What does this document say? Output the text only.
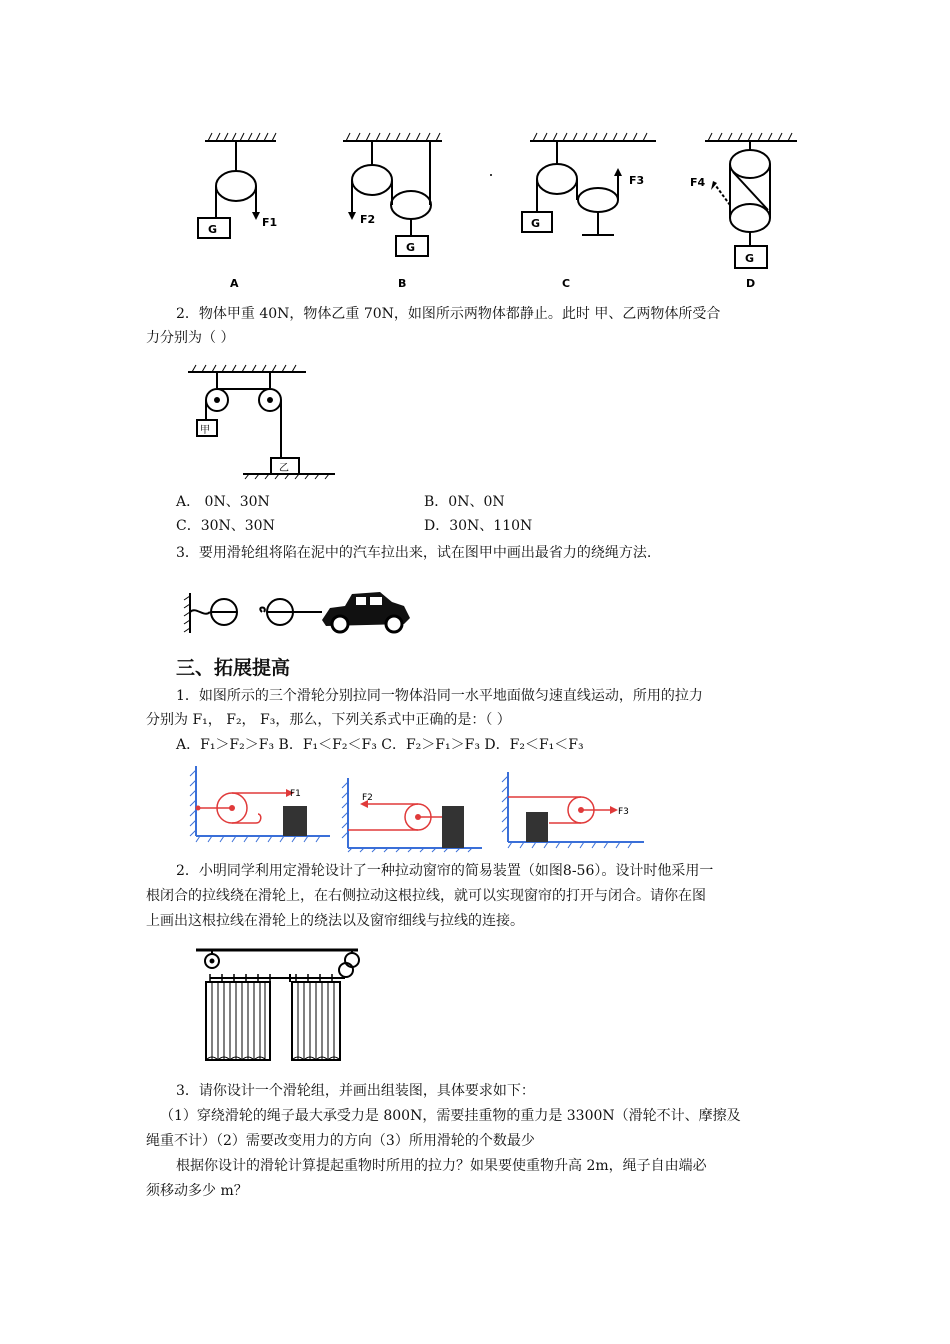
G
G
G
G
F1	F2
F3	F4
A	B	C	D
2．物体甲重 40N，物体乙重 70N，如图所示两物体都静止。此时 甲、乙两物体所受合
力分别为（ ）
甲
乙
A． 0N、30N	B．0N、0N
C．30N、30N	D．30N、110N
3．要用滑轮组将陷在泥中的汽车拉出来，试在图甲中画出最省力的绕绳方法.
三、拓展提高
1．如图所示的三个滑轮分别拉同一物体沿同一水平地面做匀速直线运动，所用的拉力
分别为 F₁， F₂， F₃，那么，下列关系式中正确的是：（ ）
A．F₁＞F₂＞F₃ B．F₁＜F₂＜F₃ C．F₂＞F₁＞F₃ D．F₂＜F₁＜F₃
F1	F2
F3
2．小明同学利用定滑轮设计了一种拉动窗帘的简易装置（如图8-56）。设计时他采用一
根闭合的拉线绕在滑轮上，在右侧拉动这根拉线，就可以实现窗帘的打开与闭合。请你在图
上画出这根拉线在滑轮上的绕法以及窗帘细线与拉线的连接。
3．请你设计一个滑轮组，并画出组装图，具体要求如下：
（1）穿绕滑轮的绳子最大承受力是 800N，需要挂重物的重力是 3300N（滑轮不计、摩擦及
绳重不计）（2）需要改变用力的方向（3）所用滑轮的个数最少
根据你设计的滑轮计算提起重物时所用的拉力？如果要使重物升高 2m，绳子自由端必
须移动多少 m？
